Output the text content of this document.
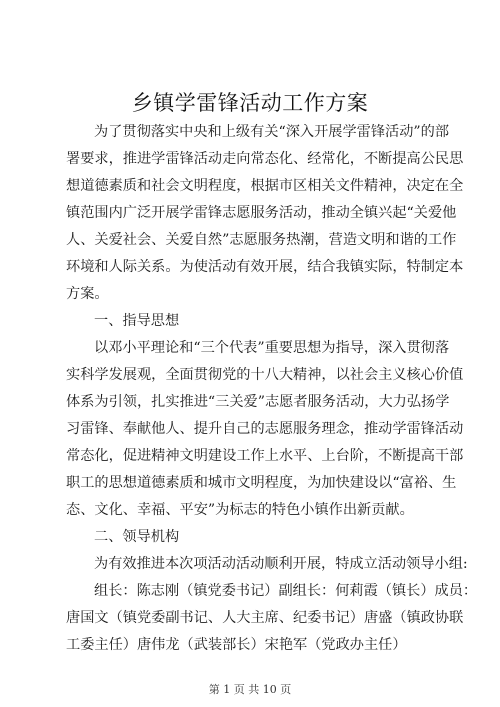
乡镇学雷锋活动工作方案
为了贯彻落实中央和上级有关“深入开展学雷锋活动”的部
署要求，推进学雷锋活动走向常态化、经常化，不断提高公民思
想道德素质和社会文明程度，根据市区相关文件精神，决定在全
镇范围内广泛开展学雷锋志愿服务活动，推动全镇兴起“关爱他
人、关爱社会、关爱自然”志愿服务热潮，营造文明和谐的工作
环境和人际关系。为使活动有效开展，结合我镇实际，特制定本
方案。
一、指导思想
以邓小平理论和“三个代表”重要思想为指导，深入贯彻落
实科学发展观，全面贯彻党的十八大精神，以社会主义核心价值
体系为引领，扎实推进“三关爱”志愿者服务活动，大力弘扬学
习雷锋、奉献他人、提升自己的志愿服务理念，推动学雷锋活动
常态化，促进精神文明建设工作上水平、上台阶，不断提高干部
职工的思想道德素质和城市文明程度，为加快建设以“富裕、生
态、文化、幸福、平安”为标志的特色小镇作出新贡献。
二、领导机构
为有效推进本次项活动活动顺利开展，特成立活动领导小组:
组长：陈志刚（镇党委书记）副组长：何莉霞（镇长）成员：
唐国文（镇党委副书记、人大主席、纪委书记）唐盛（镇政协联
工委主任）唐伟龙（武装部长）宋艳军（党政办主任）
第 1 页 共 10 页
